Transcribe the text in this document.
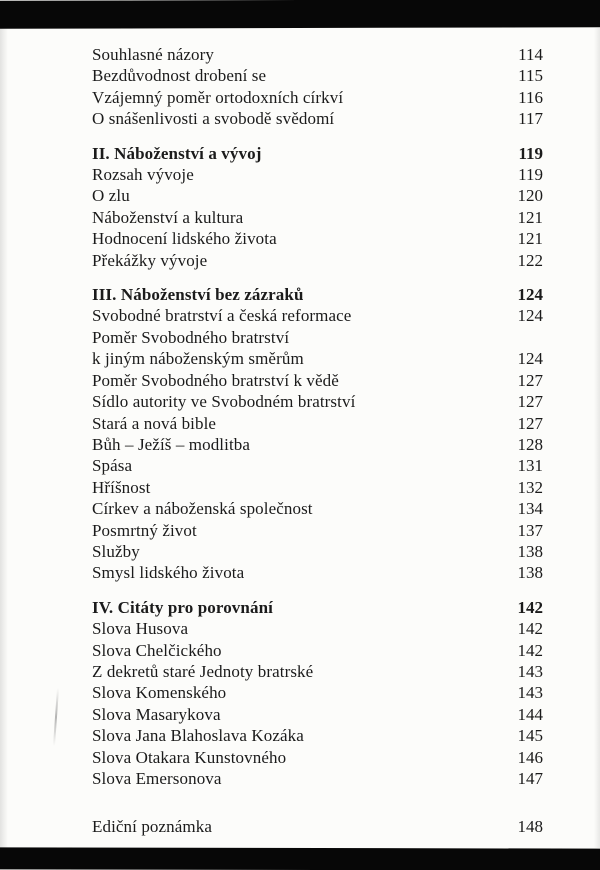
Souhlasné názory	114
Bezdůvodnost drobení se	115
Vzájemný poměr ortodoxních církví	116
O snášenlivosti a svobodě svědomí	117
II. Náboženství a vývoj	119
Rozsah vývoje	119
O zlu	120
Náboženství a kultura	121
Hodnocení lidského života	121
Překážky vývoje	122
III. Náboženství bez zázraků	124
Svobodné bratrství a česká reformace	124
Poměr Svobodného bratrství
k jiným náboženským směrům	124
Poměr Svobodného bratrství k vědě	127
Sídlo autority ve Svobodném bratrství	127
Stará a nová bible	127
Bůh – Ježíš – modlitba	128
Spása	131
Hříšnost	132
Církev a náboženská společnost	134
Posmrtný život	137
Služby	138
Smysl lidského života	138
IV. Citáty pro porovnání	142
Slova Husova	142
Slova Chelčického	142
Z dekretů staré Jednoty bratrské	143
Slova Komenského	143
Slova Masarykova	144
Slova Jana Blahoslava Kozáka	145
Slova Otakara Kunstovného	146
Slova Emersonova	147
Ediční poznámka	148
